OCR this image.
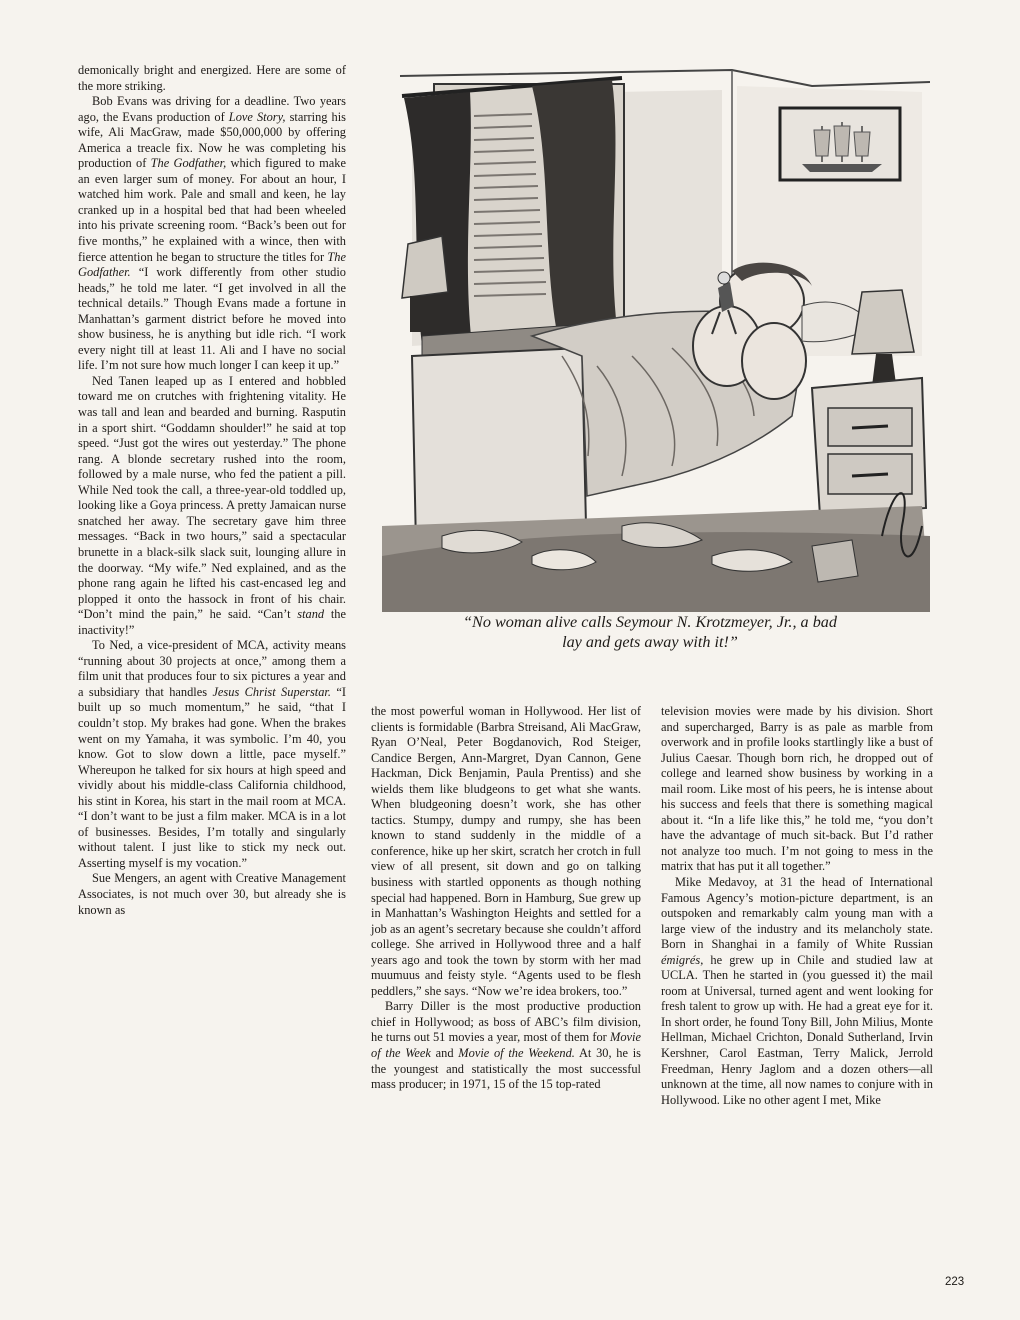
demonically bright and energized. Here are some of the more striking.

Bob Evans was driving for a deadline. Two years ago, the Evans production of Love Story, starring his wife, Ali MacGraw, made $50,000,000 by offering America a treacle fix. Now he was completing his production of The Godfather, which figured to make an even larger sum of money. For about an hour, I watched him work. Pale and small and keen, he lay cranked up in a hospital bed that had been wheeled into his private screening room. “Back’s been out for five months,” he explained with a wince, then with fierce attention he began to structure the titles for The Godfather. “I work differently from other studio heads,” he told me later. “I get involved in all the technical details.” Though Evans made a fortune in Manhattan’s garment district before he moved into show business, he is anything but idle rich. “I work every night till at least 11. Ali and I have no social life. I’m not sure how much longer I can keep it up.”

Ned Tanen leaped up as I entered and hobbled toward me on crutches with frightening vitality. He was tall and lean and bearded and burning. Rasputin in a sport shirt. “Goddamn shoulder!” he said at top speed. “Just got the wires out yesterday.” The phone rang. A blonde secretary rushed into the room, followed by a male nurse, who fed the patient a pill. While Ned took the call, a three-year-old toddled up, looking like a Goya princess. A pretty Jamaican nurse snatched her away. The secretary gave him three messages. “Back in two hours,” said a spectacular brunette in a black-silk slack suit, lounging allure in the doorway. “My wife.” Ned explained, and as the phone rang again he lifted his cast-encased leg and plopped it onto the hassock in front of his chair. “Don’t mind the pain,” he said. “Can’t stand the inactivity!”

To Ned, a vice-president of MCA, activity means “running about 30 projects at once,” among them a film unit that produces four to six pictures a year and a subsidiary that handles Jesus Christ Superstar. “I built up so much momentum,” he said, “that I couldn’t stop. My brakes had gone. When the brakes went on my Yamaha, it was symbolic. I’m 40, you know. Got to slow down a little, pace myself.” Whereupon he talked for six hours at high speed and vividly about his middle-class California childhood, his stint in Korea, his start in the mail room at MCA. “I don’t want to be just a film maker. MCA is in a lot of businesses. Besides, I’m totally and singularly without talent. I just like to stick my neck out. Asserting myself is my vocation.”

Sue Mengers, an agent with Creative Management Associates, is not much over 30, but already she is known as

“No woman alive calls Seymour N. Krotzmeyer, Jr., a bad
lay and gets away with it!”

the most powerful woman in Hollywood. Her list of clients is formidable (Barbra Streisand, Ali MacGraw, Ryan O’Neal, Peter Bogdanovich, Rod Steiger, Candice Bergen, Ann-Margret, Dyan Cannon, Gene Hackman, Dick Benjamin, Paula Prentiss) and she wields them like bludgeons to get what she wants. When bludgeoning doesn’t work, she has other tactics. Stumpy, dumpy and rumpy, she has been known to stand suddenly in the middle of a conference, hike up her skirt, scratch her crotch in full view of all present, sit down and go on talking business with startled opponents as though nothing special had happened. Born in Hamburg, Sue grew up in Manhattan’s Washington Heights and settled for a job as an agent’s secretary because she couldn’t afford college. She arrived in Hollywood three and a half years ago and took the town by storm with her mad muumuus and feisty style. “Agents used to be flesh peddlers,” she says. “Now we’re idea brokers, too.”

Barry Diller is the most productive production chief in Hollywood; as boss of ABC’s film division, he turns out 51 movies a year, most of them for Movie of the Week and Movie of the Weekend. At 30, he is the youngest and statistically the most successful mass producer; in 1971, 15 of the 15 top-rated

television movies were made by his division. Short and supercharged, Barry is as pale as marble from overwork and in profile looks startlingly like a bust of Julius Caesar. Though born rich, he dropped out of college and learned show business by working in a mail room. Like most of his peers, he is intense about his success and feels that there is something magical about it. “In a life like this,” he told me, “you don’t have the advantage of much sit-back. But I’d rather not analyze too much. I’m not going to mess in the matrix that has put it all together.”

Mike Medavoy, at 31 the head of International Famous Agency’s motion-picture department, is an outspoken and remarkably calm young man with a large view of the industry and its melancholy state. Born in Shanghai in a family of White Russian émigrés, he grew up in Chile and studied law at UCLA. Then he started in (you guessed it) the mail room at Universal, turned agent and went looking for fresh talent to grow up with. He had a great eye for it. In short order, he found Tony Bill, John Milius, Monte Hellman, Michael Crichton, Donald Sutherland, Irvin Kershner, Carol Eastman, Terry Malick, Jerrold Freedman, Henry Jaglom and a dozen others—all unknown at the time, all now names to conjure with in Hollywood. Like no other agent I met, Mike

223
